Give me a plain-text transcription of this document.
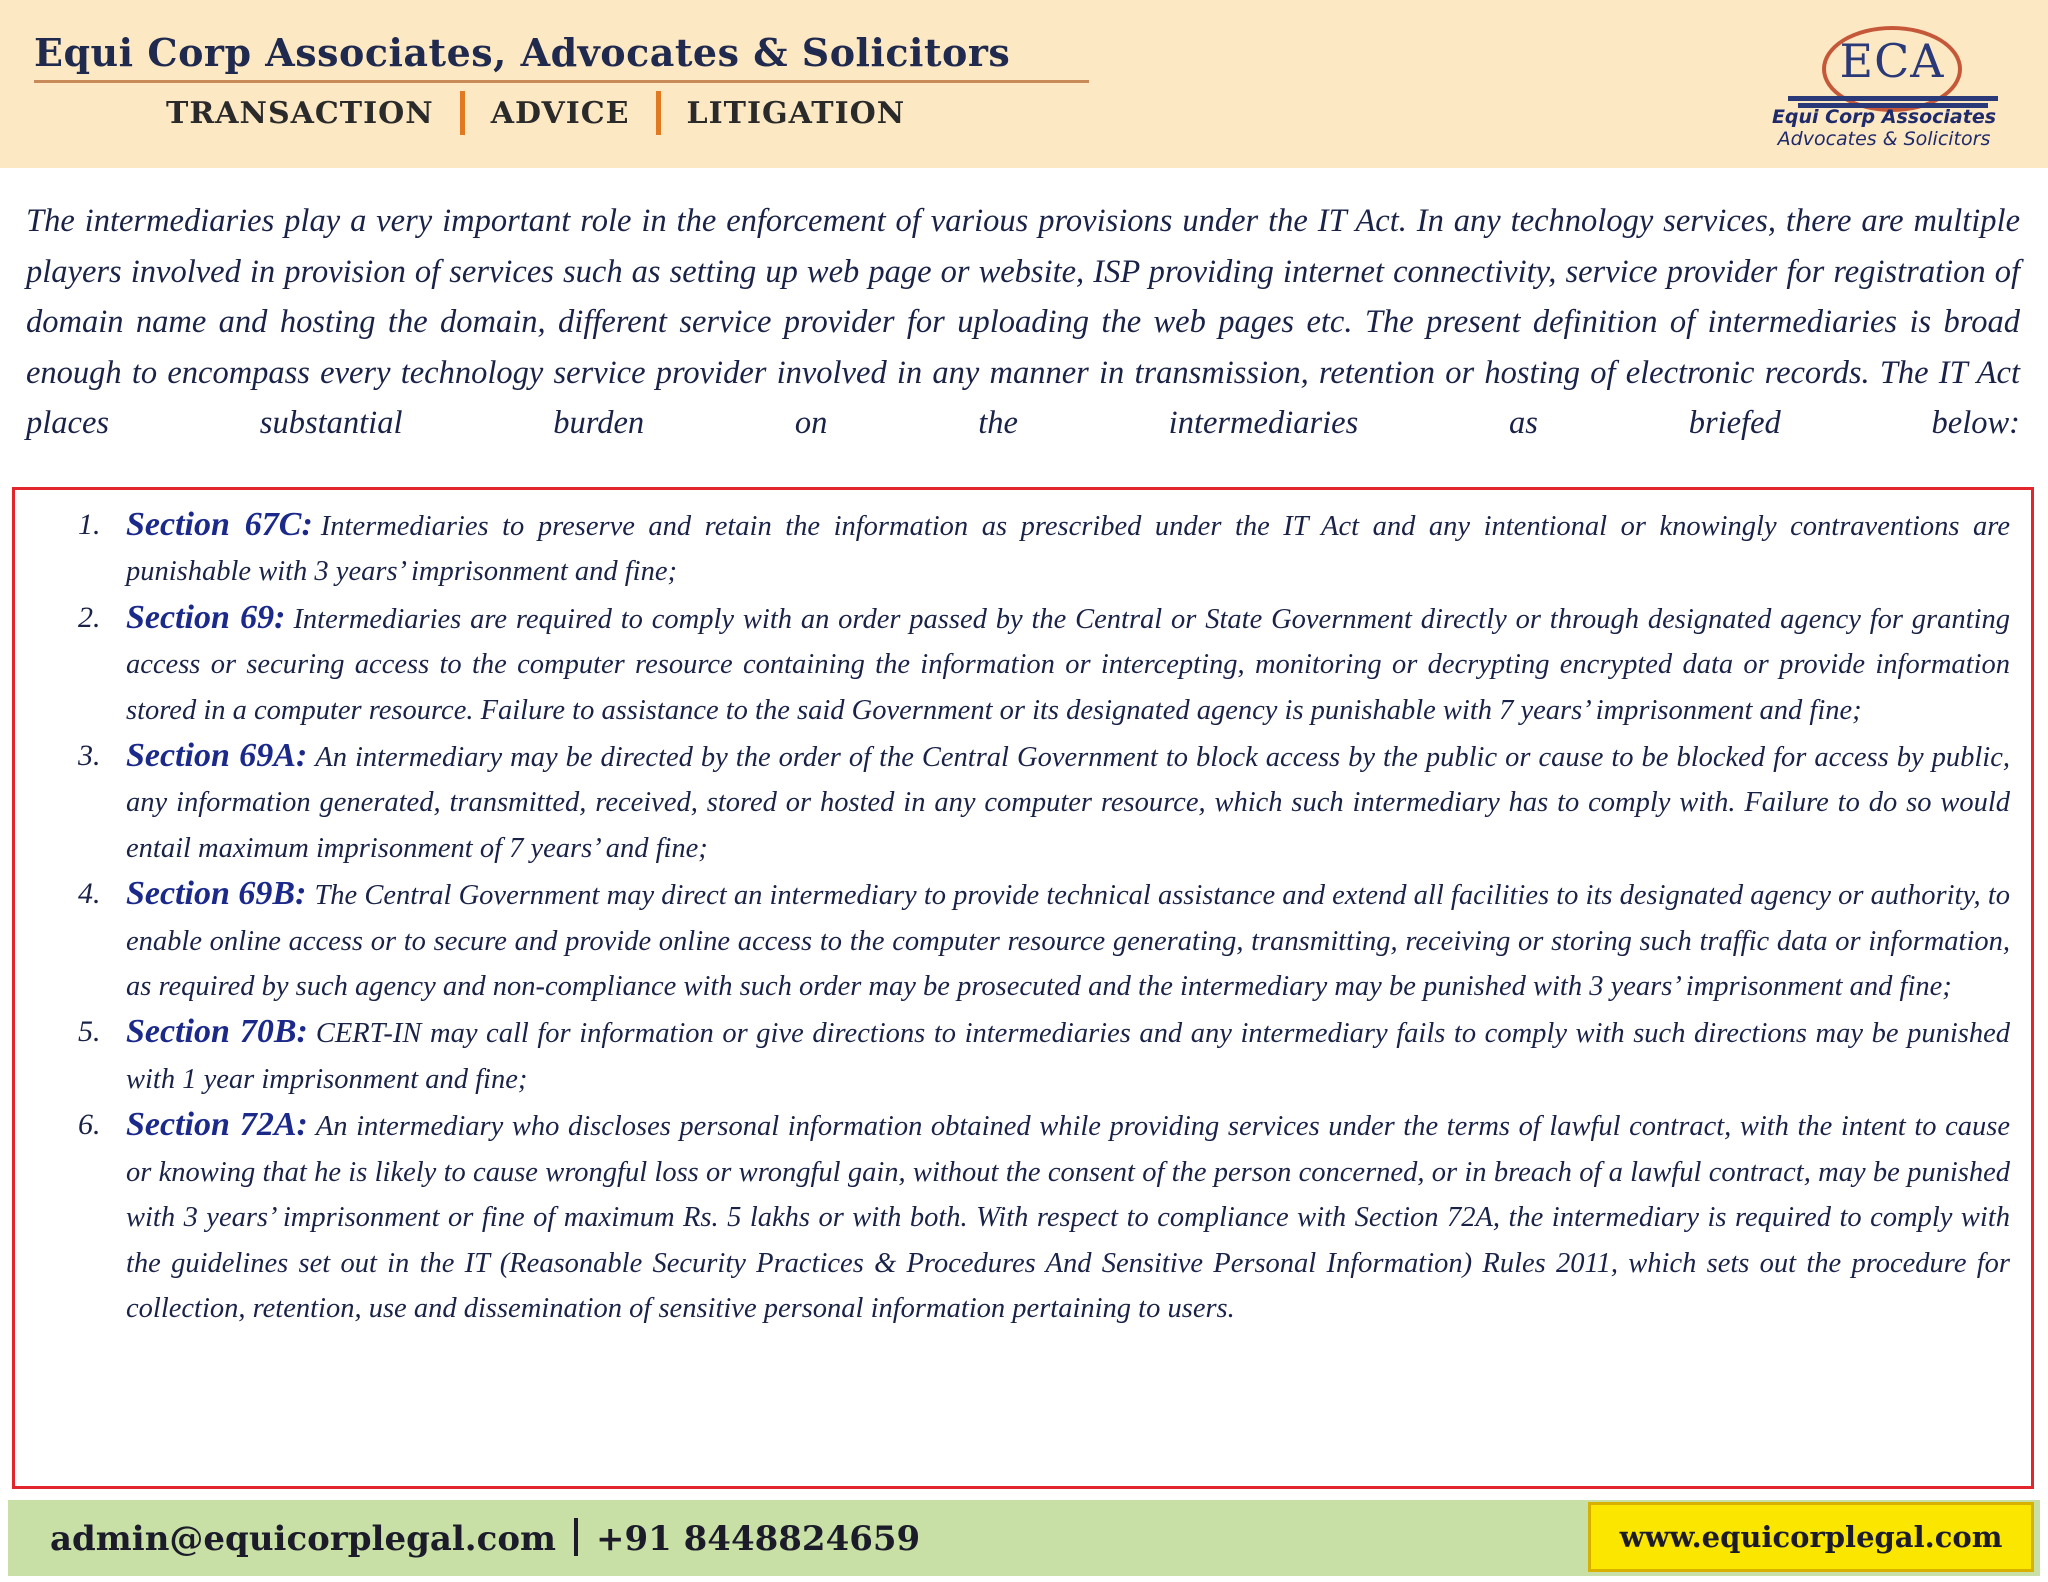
Equi Corp Associates, Advocates & Solicitors
TRANSACTION ADVICE LITIGATION
ECA
Equi Corp Associates
Advocates & Solicitors

The intermediaries play a very important role in the enforcement of various provisions under the IT Act. In any technology services, there are multiple players involved in provision of services such as setting up web page or website, ISP providing internet connectivity, service provider for registration of domain name and hosting the domain, different service provider for uploading the web pages etc. The present definition of intermediaries is broad enough to encompass every technology service provider involved in any manner in transmission, retention or hosting of electronic records. The IT Act places substantial burden on the intermediaries as briefed below:

1. Section 67C: Intermediaries to preserve and retain the information as prescribed under the IT Act and any intentional or knowingly contraventions are punishable with 3 years’ imprisonment and fine;

2. Section 69: Intermediaries are required to comply with an order passed by the Central or State Government directly or through designated agency for granting access or securing access to the computer resource containing the information or intercepting, monitoring or decrypting encrypted data or provide information stored in a computer resource. Failure to assistance to the said Government or its designated agency is punishable with 7 years’ imprisonment and fine;

3. Section 69A: An intermediary may be directed by the order of the Central Government to block access by the public or cause to be blocked for access by public, any information generated, transmitted, received, stored or hosted in any computer resource, which such intermediary has to comply with. Failure to do so would entail maximum imprisonment of 7 years’ and fine;

4. Section 69B: The Central Government may direct an intermediary to provide technical assistance and extend all facilities to its designated agency or authority, to enable online access or to secure and provide online access to the computer resource generating, transmitting, receiving or storing such traffic data or information, as required by such agency and non-compliance with such order may be prosecuted and the intermediary may be punished with 3 years’ imprisonment and fine;

5. Section 70B: CERT-IN may call for information or give directions to intermediaries and any intermediary fails to comply with such directions may be punished with 1 year imprisonment and fine;

6. Section 72A: An intermediary who discloses personal information obtained while providing services under the terms of lawful contract, with the intent to cause or knowing that he is likely to cause wrongful loss or wrongful gain, without the consent of the person concerned, or in breach of a lawful contract, may be punished with 3 years’ imprisonment or fine of maximum Rs. 5 lakhs or with both. With respect to compliance with Section 72A, the intermediary is required to comply with the guidelines set out in the IT (Reasonable Security Practices & Procedures And Sensitive Personal Information) Rules 2011, which sets out the procedure for collection, retention, use and dissemination of sensitive personal information pertaining to users.

admin@equicorplegal.com +91 8448824659	www.equicorplegal.com
